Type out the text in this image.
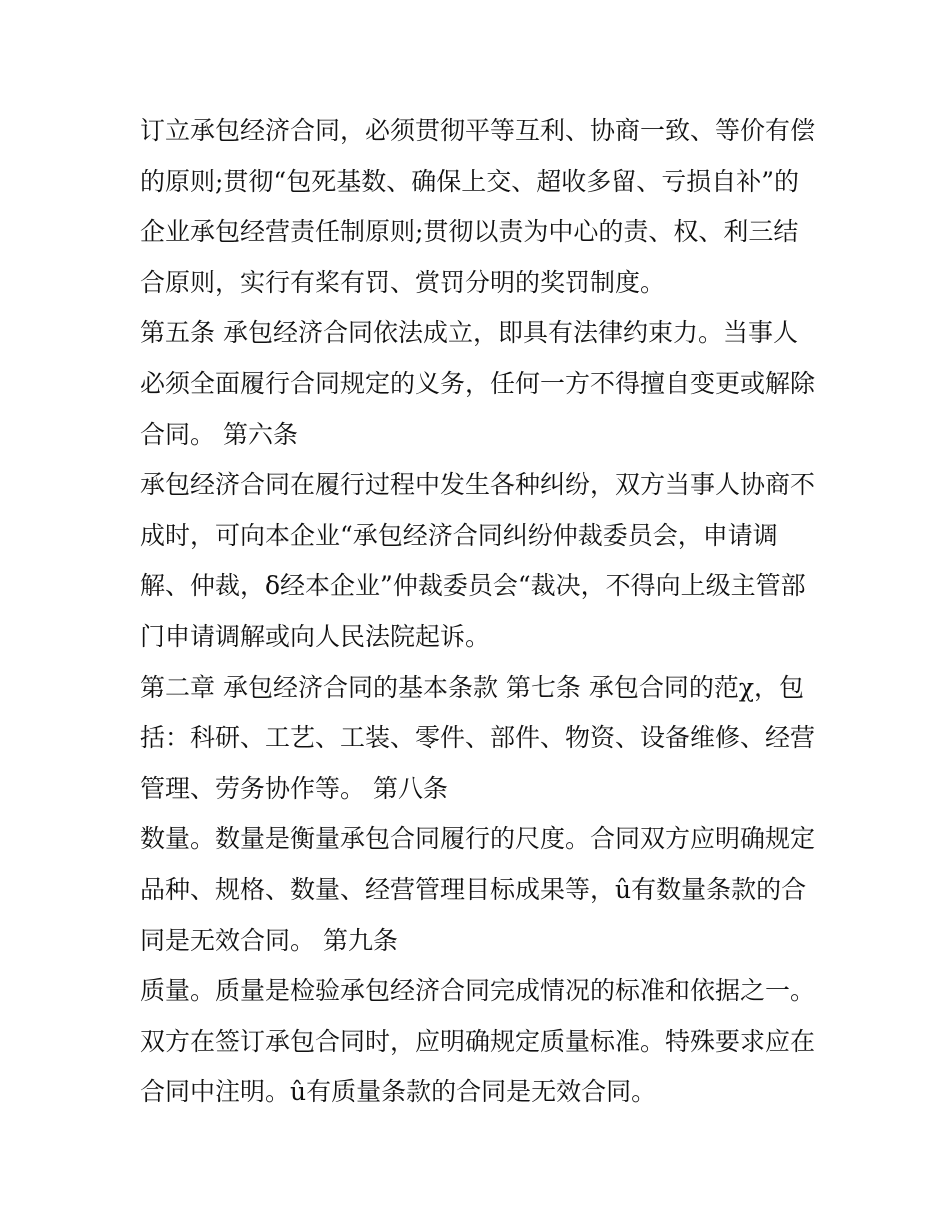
订立承包经济合同，必须贯彻平等互利、协商一致、等价有偿
的原则;贯彻“包死基数、确保上交、超收多留、亏损自补”的
企业承包经营责任制原则;贯彻以责为中心的责、权、利三结
合原则，实行有桨有罚、赏罚分明的奖罚制度。
第五条 承包经济合同依法成立，即具有法律约束力。当事人
必须全面履行合同规定的义务，任何一方不得擅自变更或解除
合同。 第六条
承包经济合同在履行过程中发生各种纠纷，双方当事人协商不
成时，可向本企业“承包经济合同纠纷仲裁委员会，申请调
解、仲裁，δ经本企业”仲裁委员会“裁决，不得向上级主管部
门申请调解或向人民法院起诉。
第二章 承包经济合同的基本条款 第七条 承包合同的范χ，包
括：科研、工艺、工装、零件、部件、物资、设备维修、经营
管理、劳务协作等。 第八条
数量。数量是衡量承包合同履行的尺度。合同双方应明确规定
品种、规格、数量、经营管理目标成果等，û有数量条款的合
同是无效合同。 第九条
质量。质量是检验承包经济合同完成情况的标准和依据之一。
双方在签订承包合同时，应明确规定质量标准。特殊要求应在
合同中注明。û有质量条款的合同是无效合同。
